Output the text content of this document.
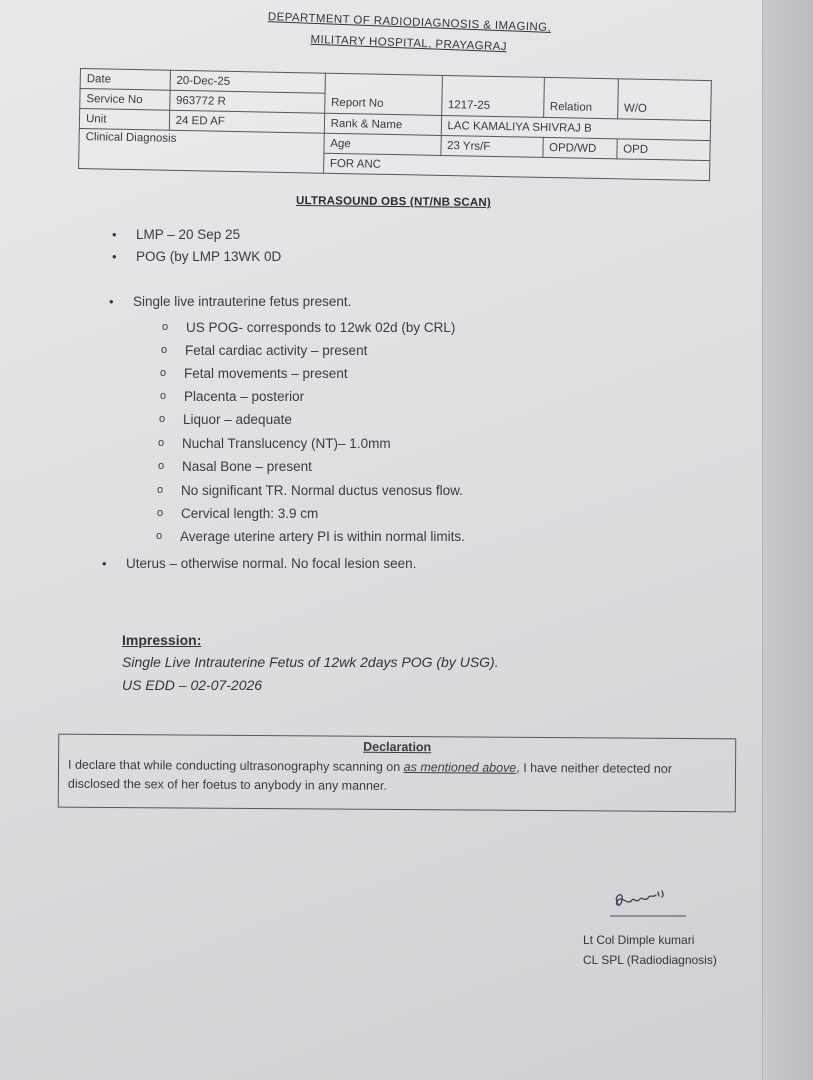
DEPARTMENT OF RADIODIAGNOSIS & IMAGING,
MILITARY HOSPITAL, PRAYAGRAJ
Date	20-Dec-25				
Service No	963772 R	Report No	1217-25	Relation	W/O
Unit	24 ED AF	Rank & Name	LAC KAMALIYA SHIVRAJ B		
Clinical Diagnosis		Age	23 Yrs/F	OPD/WD	OPD
		FOR ANC			
ULTRASOUND OBS (NT/NB SCAN)
• LMP – 20 Sep 25
• POG (by LMP 13WK 0D
• Single live intrauterine fetus present.
o US POG- corresponds to 12wk 02d (by CRL)
o Fetal cardiac activity – present
o Fetal movements – present
o Placenta – posterior
o Liquor – adequate
o Nuchal Translucency (NT)– 1.0mm
o Nasal Bone – present
o No significant TR. Normal ductus venosus flow.
o Cervical length: 3.9 cm
o Average uterine artery PI is within normal limits.
• Uterus – otherwise normal. No focal lesion seen.
Impression:
Single Live Intrauterine Fetus of 12wk 2days POG (by USG).
US EDD – 02-07-2026
Declaration
I declare that while conducting ultrasonography scanning on as mentioned above, I have neither detected nor disclosed the sex of her foetus to anybody in any manner.
Lt Col Dimple kumari
CL SPL (Radiodiagnosis)
